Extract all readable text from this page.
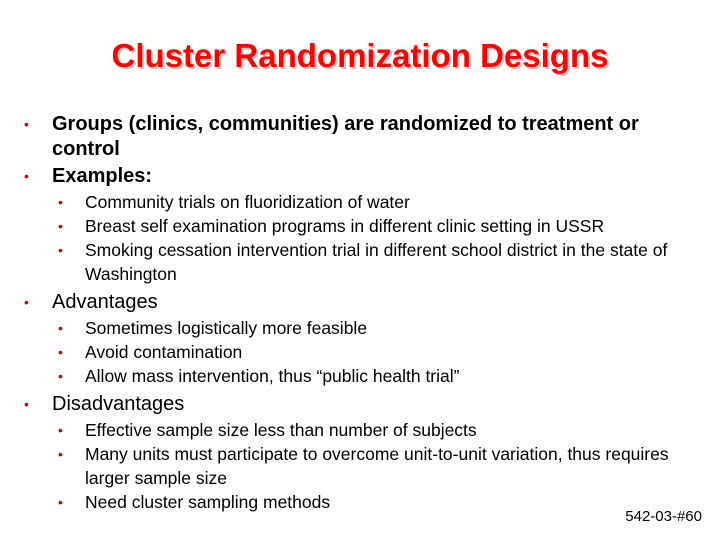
Cluster Randomization Designs
• Groups (clinics, communities) are randomized to treatment or control
• Examples:
• Community trials on fluoridization of water
• Breast self examination programs in different clinic setting in USSR
• Smoking cessation intervention trial in different school district in the state of Washington
• Advantages
• Sometimes logistically more feasible
• Avoid contamination
• Allow mass intervention, thus “public health trial”
• Disadvantages
• Effective sample size less than number of subjects
• Many units must participate to overcome unit-to-unit variation, thus requires larger sample size
• Need cluster sampling methods
542-03-#60
